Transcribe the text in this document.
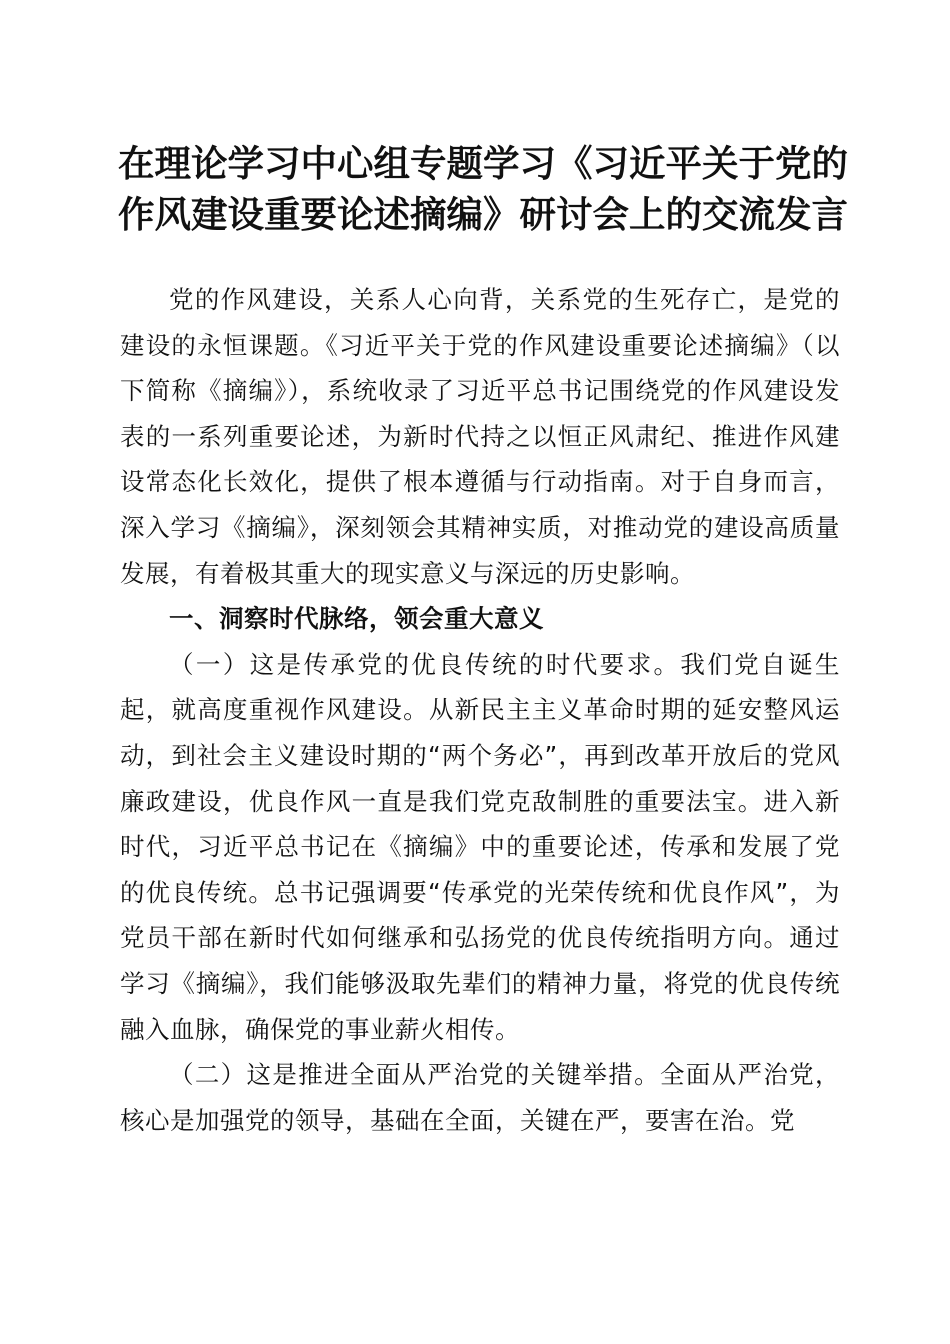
在理论学习中心组专题学习《习近平关于党的
作风建设重要论述摘编》研讨会上的交流发言

党的作风建设，关系人心向背，关系党的生死存亡，是党的建设的永恒课题。《习近平关于党的作风建设重要论述摘编》（以下简称《摘编》），系统收录了习近平总书记围绕党的作风建设发表的一系列重要论述，为新时代持之以恒正风肃纪、推进作风建设常态化长效化，提供了根本遵循与行动指南。对于自身而言，深入学习《摘编》，深刻领会其精神实质，对推动党的建设高质量发展，有着极其重大的现实意义与深远的历史影响。

一、洞察时代脉络，领会重大意义

（一）这是传承党的优良传统的时代要求。我们党自诞生起，就高度重视作风建设。从新民主主义革命时期的延安整风运动，到社会主义建设时期的“两个务必”，再到改革开放后的党风廉政建设，优良作风一直是我们党克敌制胜的重要法宝。进入新时代，习近平总书记在《摘编》中的重要论述，传承和发展了党的优良传统。总书记强调要“传承党的光荣传统和优良作风”，为党员干部在新时代如何继承和弘扬党的优良传统指明方向。通过学习《摘编》，我们能够汲取先辈们的精神力量，将党的优良传统融入血脉，确保党的事业薪火相传。

（二）这是推进全面从严治党的关键举措。全面从严治党，核心是加强党的领导，基础在全面，关键在严，要害在治。党
